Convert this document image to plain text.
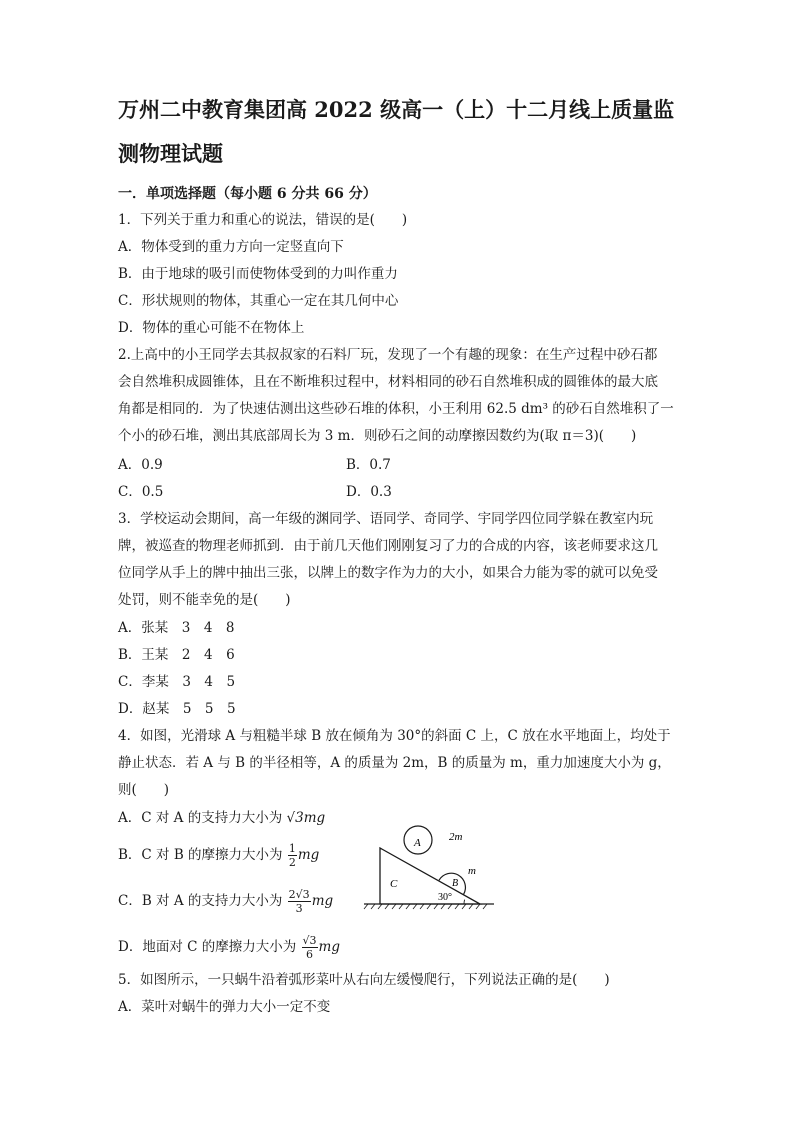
万州二中教育集团高 2022 级高一（上）十二月线上质量监测物理试题
一．单项选择题（每小题 6 分共 66 分）
1．下列关于重力和重心的说法，错误的是(　　)
A．物体受到的重力方向一定竖直向下
B．由于地球的吸引而使物体受到的力叫作重力
C．形状规则的物体，其重心一定在其几何中心
D．物体的重心可能不在物体上
2.上高中的小王同学去其叔叔家的石料厂玩，发现了一个有趣的现象：在生产过程中砂石都
会自然堆积成圆锥体，且在不断堆积过程中，材料相同的砂石自然堆积成的圆锥体的最大底
角都是相同的．为了快速估测出这些砂石堆的体积，小王利用 62.5 dm³ 的砂石自然堆积了一
个小的砂石堆，测出其底部周长为 3 m．则砂石之间的动摩擦因数约为(取 π＝3)(　　)
A．0.9	B．0.7
C．0.5	D．0.3
3．学校运动会期间，高一年级的渊同学、语同学、奇同学、宇同学四位同学躲在教室内玩
牌，被巡查的物理老师抓到．由于前几天他们刚刚复习了力的合成的内容，该老师要求这几
位同学从手上的牌中抽出三张，以牌上的数字作为力的大小，如果合力能为零的就可以免受
处罚，则不能幸免的是(　　)
A．张某　3　4　8
B．王某　2　4　6
C．李某　3　4　5
D．赵某　5　5　5
4．如图，光滑球 A 与粗糙半球 B 放在倾角为 30°的斜面 C 上，C 放在水平地面上，均处于
静止状态．若 A 与 B 的半径相等，A 的质量为 2m，B 的质量为 m，重力加速度大小为 g，
则(　　)
A．C 对 A 的支持力大小为 √3mg
B．C 对 B 的摩擦力大小为 $\frac{1}{2}$ mg
C．B 对 A 的支持力大小为 $\frac{2√3}{3}$ mg
D．地面对 C 的摩擦力大小为 $\frac{√3}{6}$ mg
A	2m
m
B
C
30°
5．如图所示，一只蜗牛沿着弧形菜叶从右向左缓慢爬行，下列说法正确的是(　　)
A．菜叶对蜗牛的弹力大小一定不变
